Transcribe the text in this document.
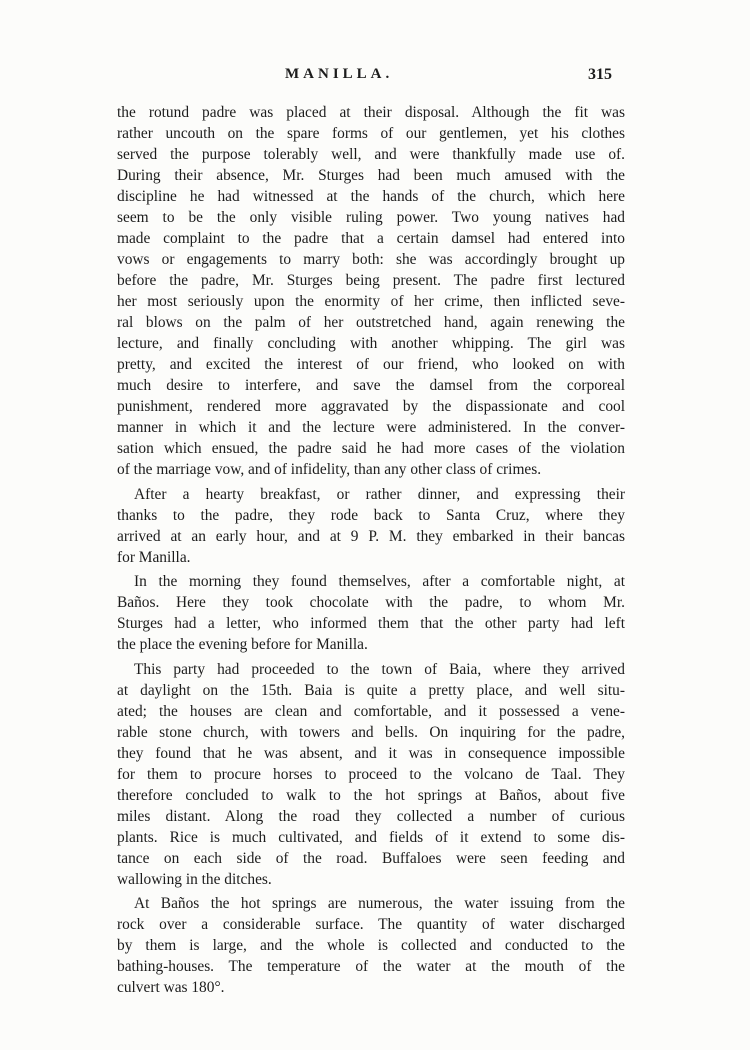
MANILLA.	315
the rotund padre was placed at their disposal. Although the fit was
rather uncouth on the spare forms of our gentlemen, yet his clothes
served the purpose tolerably well, and were thankfully made use of.
During their absence, Mr. Sturges had been much amused with the
discipline he had witnessed at the hands of the church, which here
seem to be the only visible ruling power. Two young natives had
made complaint to the padre that a certain damsel had entered into
vows or engagements to marry both: she was accordingly brought up
before the padre, Mr. Sturges being present. The padre first lectured
her most seriously upon the enormity of her crime, then inflicted seve-
ral blows on the palm of her outstretched hand, again renewing the
lecture, and finally concluding with another whipping. The girl was
pretty, and excited the interest of our friend, who looked on with
much desire to interfere, and save the damsel from the corporeal
punishment, rendered more aggravated by the dispassionate and cool
manner in which it and the lecture were administered. In the conver-
sation which ensued, the padre said he had more cases of the violation
of the marriage vow, and of infidelity, than any other class of crimes.
After a hearty breakfast, or rather dinner, and expressing their
thanks to the padre, they rode back to Santa Cruz, where they
arrived at an early hour, and at 9 P. M. they embarked in their bancas
for Manilla.
In the morning they found themselves, after a comfortable night, at
Baños. Here they took chocolate with the padre, to whom Mr.
Sturges had a letter, who informed them that the other party had left
the place the evening before for Manilla.
This party had proceeded to the town of Baia, where they arrived
at daylight on the 15th. Baia is quite a pretty place, and well situ-
ated; the houses are clean and comfortable, and it possessed a vene-
rable stone church, with towers and bells. On inquiring for the padre,
they found that he was absent, and it was in consequence impossible
for them to procure horses to proceed to the volcano de Taal. They
therefore concluded to walk to the hot springs at Baños, about five
miles distant. Along the road they collected a number of curious
plants. Rice is much cultivated, and fields of it extend to some dis-
tance on each side of the road. Buffaloes were seen feeding and
wallowing in the ditches.
At Baños the hot springs are numerous, the water issuing from the
rock over a considerable surface. The quantity of water discharged
by them is large, and the whole is collected and conducted to the
bathing-houses. The temperature of the water at the mouth of the
culvert was 180°.
